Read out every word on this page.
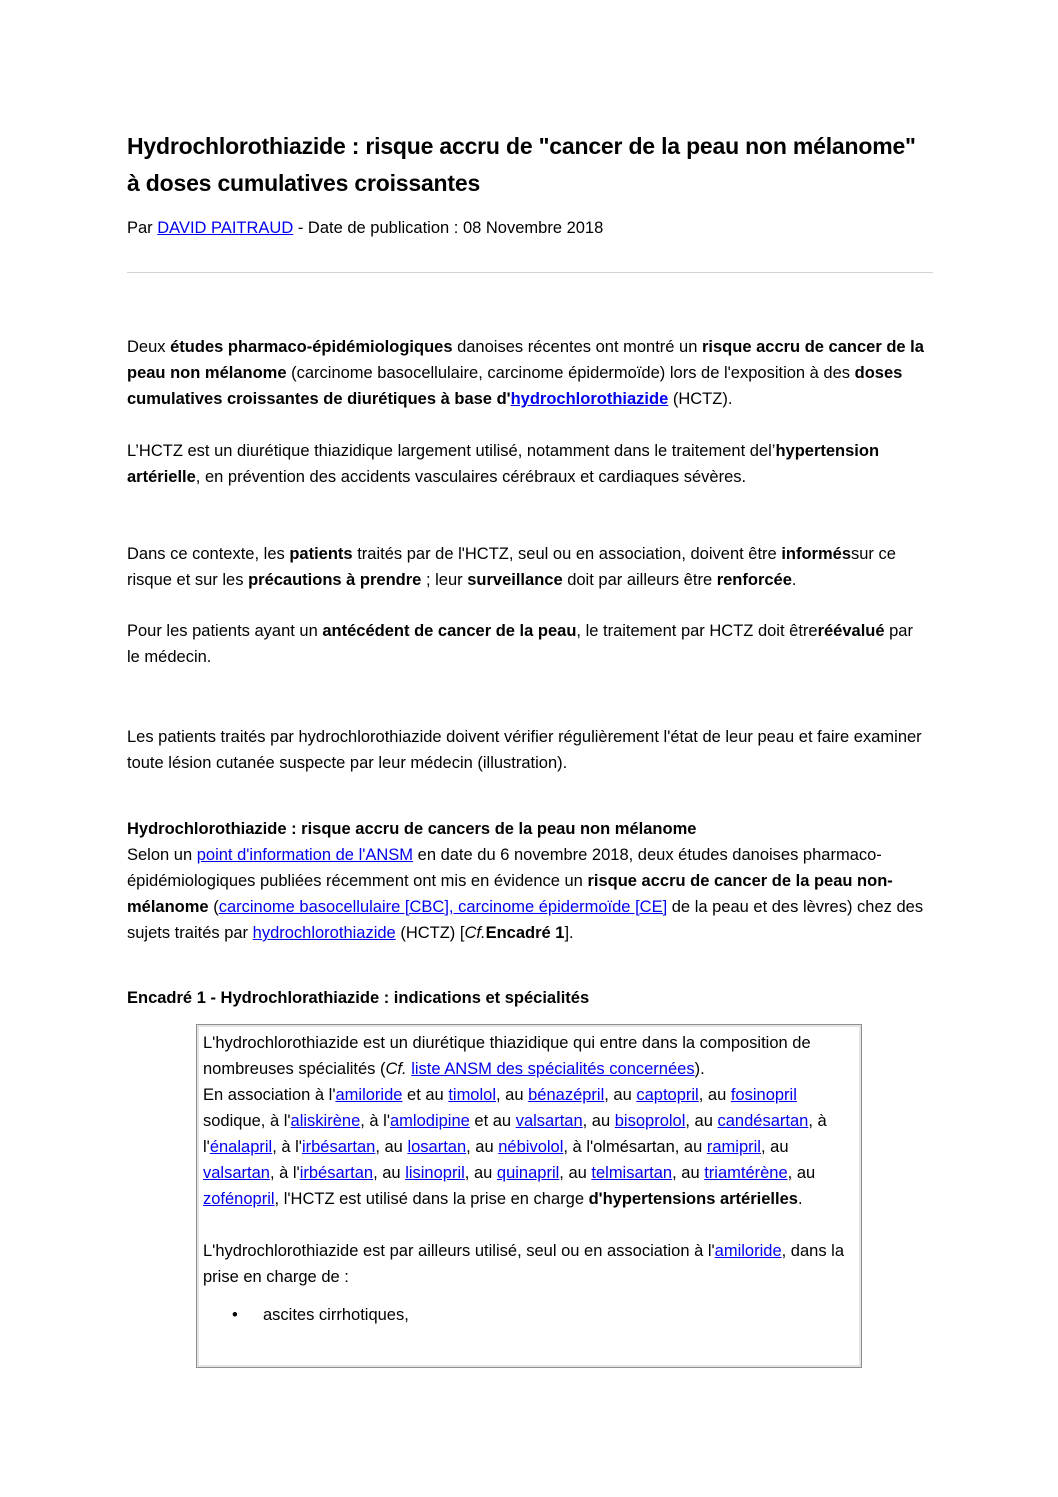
Hydrochlorothiazide : risque accru de "cancer de la peau non mélanome" à doses cumulatives croissantes

Par DAVID PAITRAUD - Date de publication : 08 Novembre 2018

Deux études pharmaco-épidémiologiques danoises récentes ont montré un risque accru de cancer de la peau non mélanome (carcinome basocellulaire, carcinome épidermoïde) lors de l'exposition à des doses cumulatives croissantes de diurétiques à base d'hydrochlorothiazide (HCTZ).

L’HCTZ est un diurétique thiazidique largement utilisé, notamment dans le traitement del’hypertension artérielle, en prévention des accidents vasculaires cérébraux et cardiaques sévères.

Dans ce contexte, les patients traités par de l'HCTZ, seul ou en association, doivent être informéssur ce risque et sur les précautions à prendre ; leur surveillance doit par ailleurs être renforcée.

Pour les patients ayant un antécédent de cancer de la peau, le traitement par HCTZ doit êtreréévalué par le médecin.

Les patients traités par hydrochlorothiazide doivent vérifier régulièrement l'état de leur peau et faire examiner toute lésion cutanée suspecte par leur médecin (illustration).

Hydrochlorothiazide : risque accru de cancers de la peau non mélanome
Selon un point d'information de l'ANSM en date du 6 novembre 2018, deux études danoises pharmaco-épidémiologiques publiées récemment ont mis en évidence un risque accru de cancer de la peau non-mélanome (carcinome basocellulaire [CBC], carcinome épidermoïde [CE] de la peau et des lèvres) chez des sujets traités par hydrochlorothiazide (HCTZ) [Cf.Encadré 1].

Encadré 1 - Hydrochlorathiazide : indications et spécialités

L'hydrochlorothiazide est un diurétique thiazidique qui entre dans la composition de nombreuses spécialités (Cf. liste ANSM des spécialités concernées).
En association à l'amiloride et au timolol, au bénazépril, au captopril, au fosinopril sodique, à l'aliskirène, à l'amlodipine et au valsartan, au bisoprolol, au candésartan, à l'énalapril, à l'irbésartan, au losartan, au nébivolol, à l'olmésartan, au ramipril, au valsartan, à l'irbésartan, au lisinopril, au quinapril, au telmisartan, au triamtérène, au zofénopril, l'HCTZ est utilisé dans la prise en charge d'hypertensions artérielles.

L'hydrochlorothiazide est par ailleurs utilisé, seul ou en association à l'amiloride, dans la prise en charge de :

• ascites cirrhotiques,
